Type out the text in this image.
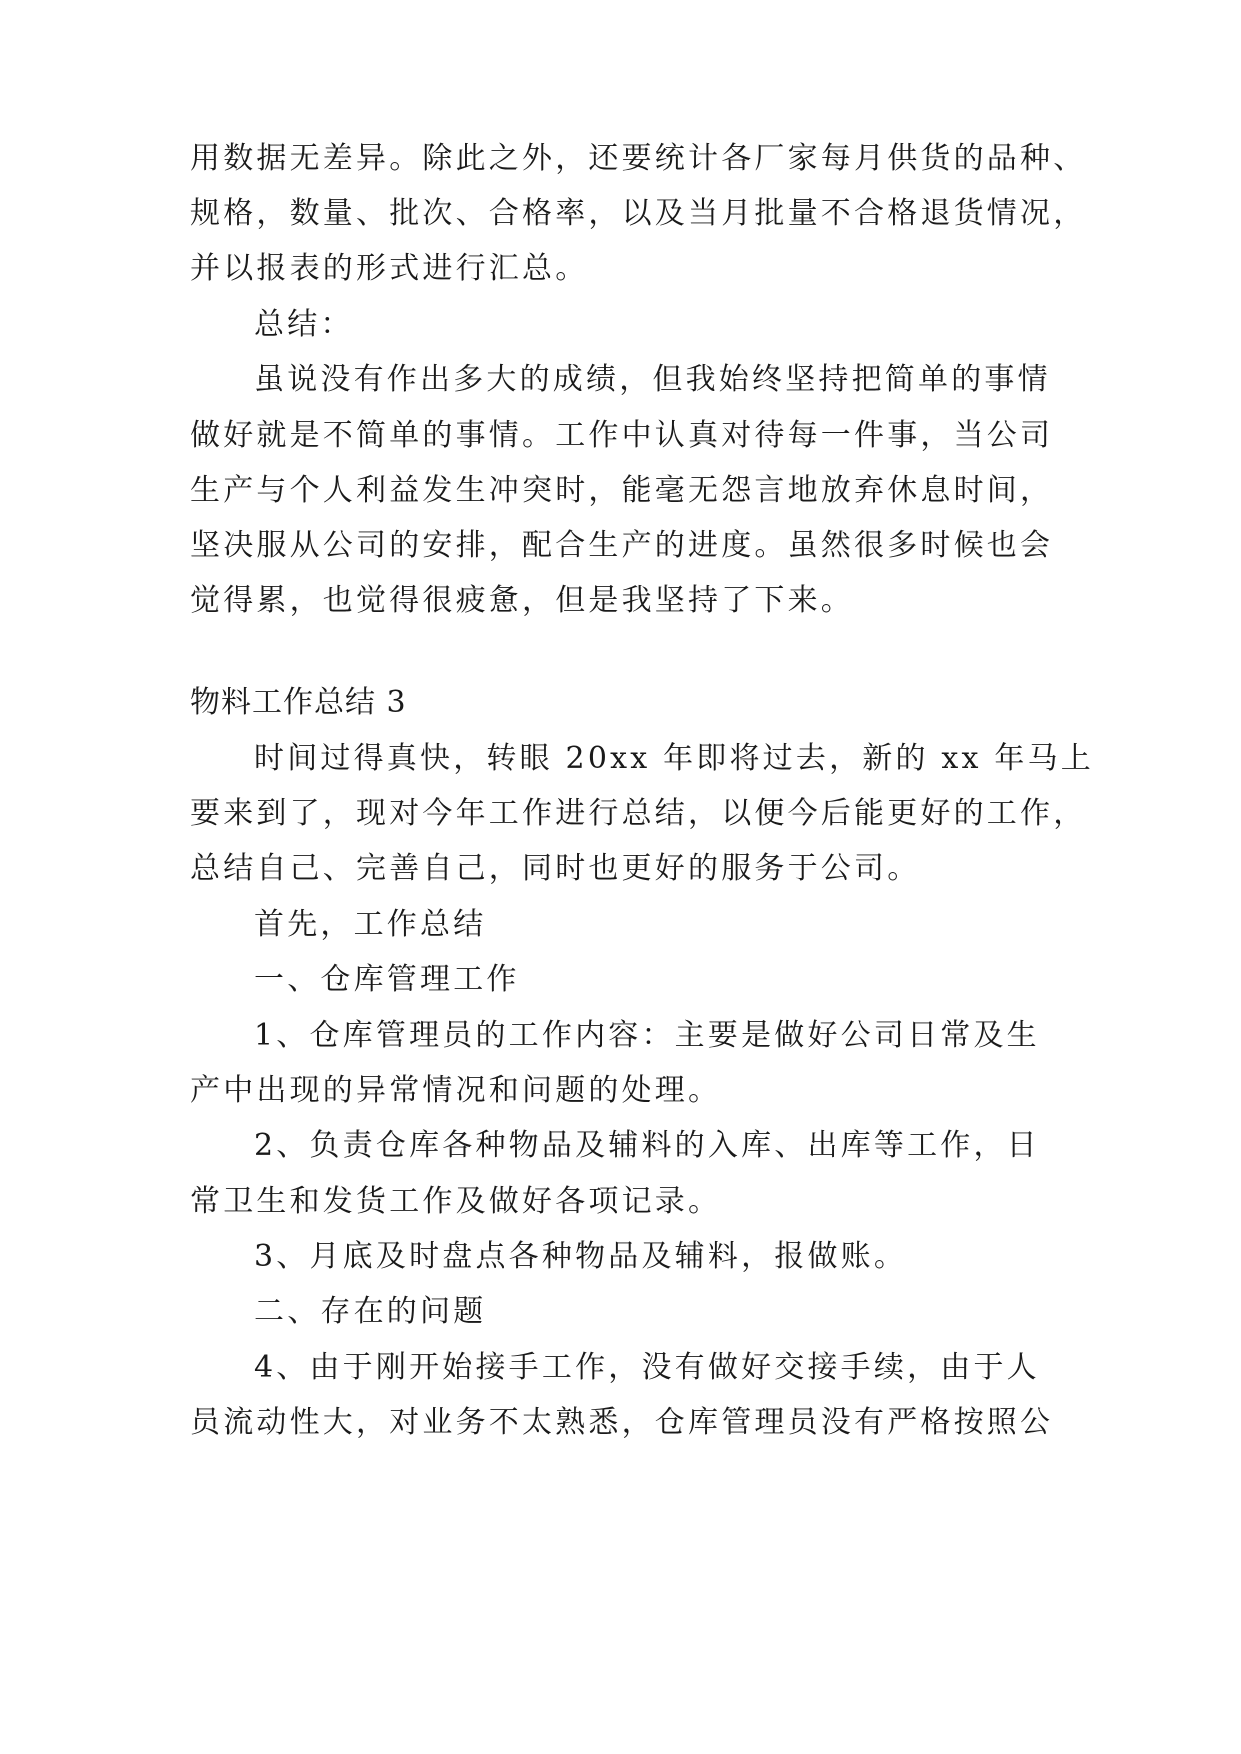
用数据无差异。除此之外，还要统计各厂家每月供货的品种、
规格，数量、批次、合格率，以及当月批量不合格退货情况，
并以报表的形式进行汇总。
总结：
虽说没有作出多大的成绩，但我始终坚持把简单的事情
做好就是不简单的事情。工作中认真对待每一件事，当公司
生产与个人利益发生冲突时，能毫无怨言地放弃休息时间，
坚决服从公司的安排，配合生产的进度。虽然很多时候也会
觉得累，也觉得很疲惫，但是我坚持了下来。
物料工作总结 3
时间过得真快，转眼 20xx 年即将过去，新的 xx 年马上
要来到了，现对今年工作进行总结，以便今后能更好的工作，
总结自己、完善自己，同时也更好的服务于公司。
首先，工作总结
一、仓库管理工作
1、仓库管理员的工作内容：主要是做好公司日常及生
产中出现的异常情况和问题的处理。
2、负责仓库各种物品及辅料的入库、出库等工作，日
常卫生和发货工作及做好各项记录。
3、月底及时盘点各种物品及辅料，报做账。
二、存在的问题
4、由于刚开始接手工作，没有做好交接手续，由于人
员流动性大，对业务不太熟悉，仓库管理员没有严格按照公
